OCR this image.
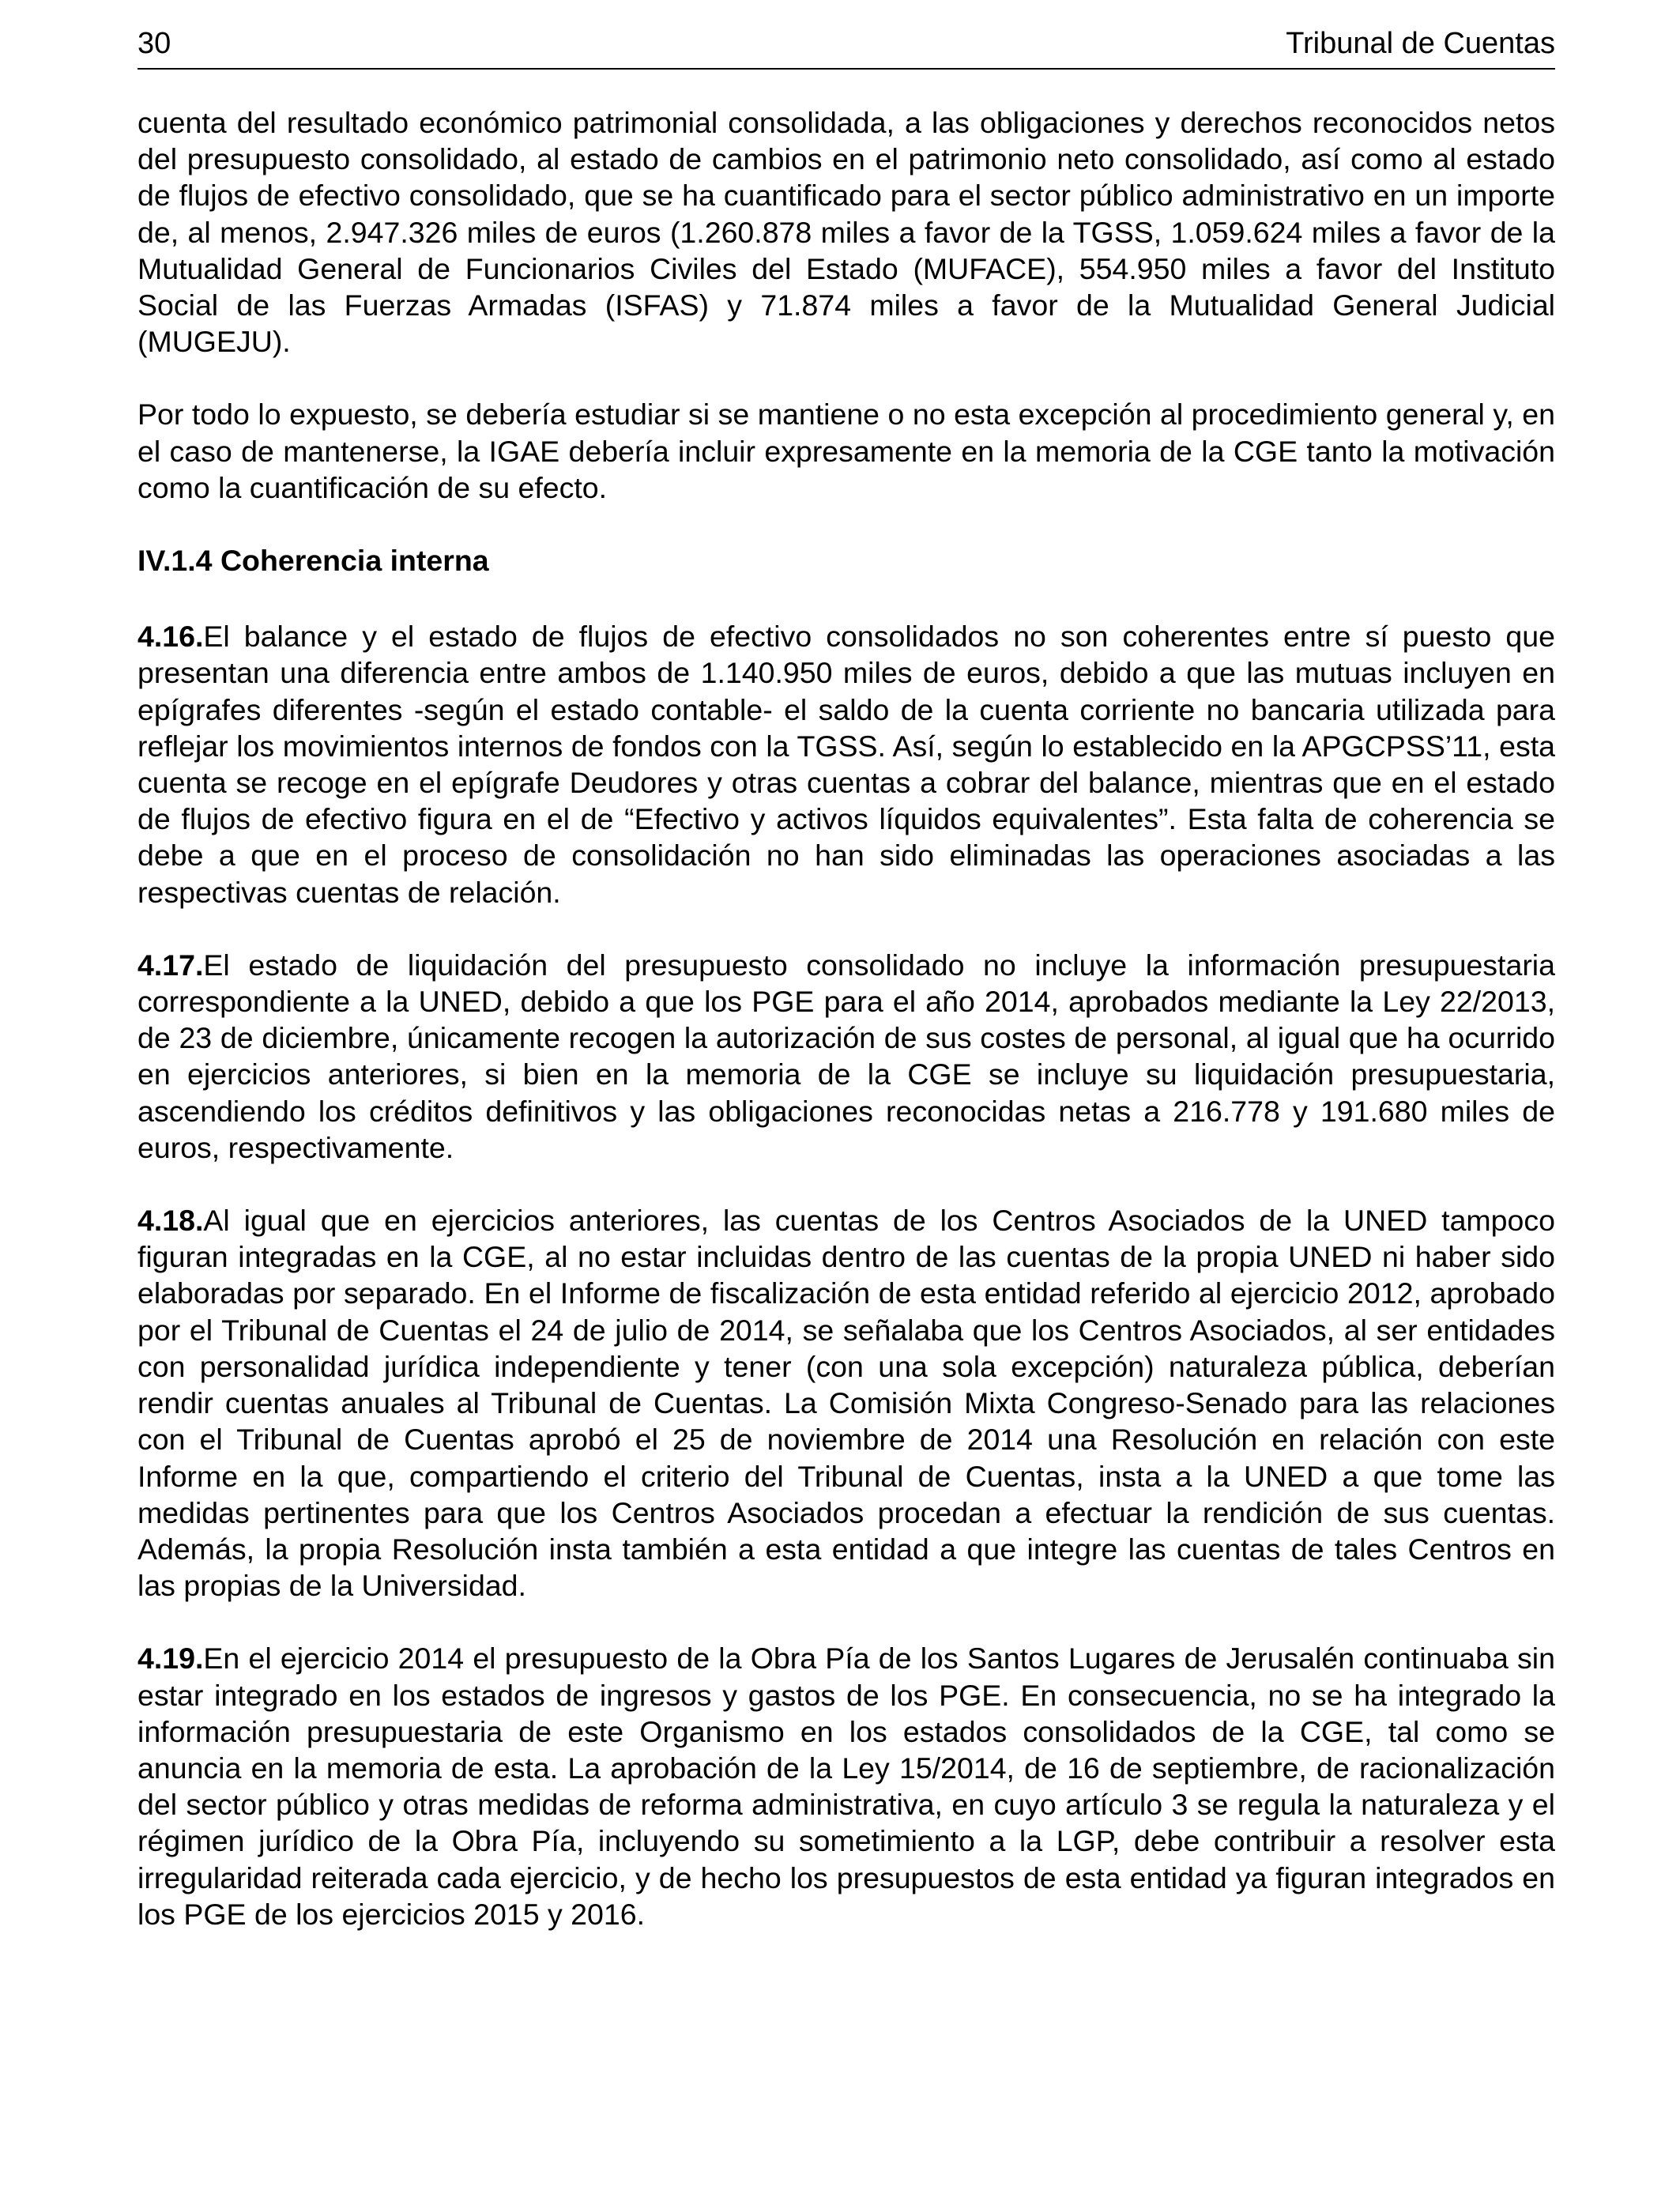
30	Tribunal de Cuentas

cuenta del resultado económico patrimonial consolidada, a las obligaciones y derechos reconocidos netos del presupuesto consolidado, al estado de cambios en el patrimonio neto consolidado, así como al estado de flujos de efectivo consolidado, que se ha cuantificado para el sector público administrativo en un importe de, al menos, 2.947.326 miles de euros (1.260.878 miles a favor de la TGSS, 1.059.624 miles a favor de la Mutualidad General de Funcionarios Civiles del Estado (MUFACE), 554.950 miles a favor del Instituto Social de las Fuerzas Armadas (ISFAS) y 71.874 miles a favor de la Mutualidad General Judicial (MUGEJU).

Por todo lo expuesto, se debería estudiar si se mantiene o no esta excepción al procedimiento general y, en el caso de mantenerse, la IGAE debería incluir expresamente en la memoria de la CGE tanto la motivación como la cuantificación de su efecto.

IV.1.4 Coherencia interna

4.16.El balance y el estado de flujos de efectivo consolidados no son coherentes entre sí puesto que presentan una diferencia entre ambos de 1.140.950 miles de euros, debido a que las mutuas incluyen en epígrafes diferentes -según el estado contable- el saldo de la cuenta corriente no bancaria utilizada para reflejar los movimientos internos de fondos con la TGSS. Así, según lo establecido en la APGCPSS’11, esta cuenta se recoge en el epígrafe Deudores y otras cuentas a cobrar del balance, mientras que en el estado de flujos de efectivo figura en el de “Efectivo y activos líquidos equivalentes”. Esta falta de coherencia se debe a que en el proceso de consolidación no han sido eliminadas las operaciones asociadas a las respectivas cuentas de relación.

4.17.El estado de liquidación del presupuesto consolidado no incluye la información presupuestaria correspondiente a la UNED, debido a que los PGE para el año 2014, aprobados mediante la Ley 22/2013, de 23 de diciembre, únicamente recogen la autorización de sus costes de personal, al igual que ha ocurrido en ejercicios anteriores, si bien en la memoria de la CGE se incluye su liquidación presupuestaria, ascendiendo los créditos definitivos y las obligaciones reconocidas netas a 216.778 y 191.680 miles de euros, respectivamente.

4.18.Al igual que en ejercicios anteriores, las cuentas de los Centros Asociados de la UNED tampoco figuran integradas en la CGE, al no estar incluidas dentro de las cuentas de la propia UNED ni haber sido elaboradas por separado. En el Informe de fiscalización de esta entidad referido al ejercicio 2012, aprobado por el Tribunal de Cuentas el 24 de julio de 2014, se señalaba que los Centros Asociados, al ser entidades con personalidad jurídica independiente y tener (con una sola excepción) naturaleza pública, deberían rendir cuentas anuales al Tribunal de Cuentas. La Comisión Mixta Congreso-Senado para las relaciones con el Tribunal de Cuentas aprobó el 25 de noviembre de 2014 una Resolución en relación con este Informe en la que, compartiendo el criterio del Tribunal de Cuentas, insta a la UNED a que tome las medidas pertinentes para que los Centros Asociados procedan a efectuar la rendición de sus cuentas. Además, la propia Resolución insta también a esta entidad a que integre las cuentas de tales Centros en las propias de la Universidad.

4.19.En el ejercicio 2014 el presupuesto de la Obra Pía de los Santos Lugares de Jerusalén continuaba sin estar integrado en los estados de ingresos y gastos de los PGE. En consecuencia, no se ha integrado la información presupuestaria de este Organismo en los estados consolidados de la CGE, tal como se anuncia en la memoria de esta. La aprobación de la Ley 15/2014, de 16 de septiembre, de racionalización del sector público y otras medidas de reforma administrativa, en cuyo artículo 3 se regula la naturaleza y el régimen jurídico de la Obra Pía, incluyendo su sometimiento a la LGP, debe contribuir a resolver esta irregularidad reiterada cada ejercicio, y de hecho los presupuestos de esta entidad ya figuran integrados en los PGE de los ejercicios 2015 y 2016.
